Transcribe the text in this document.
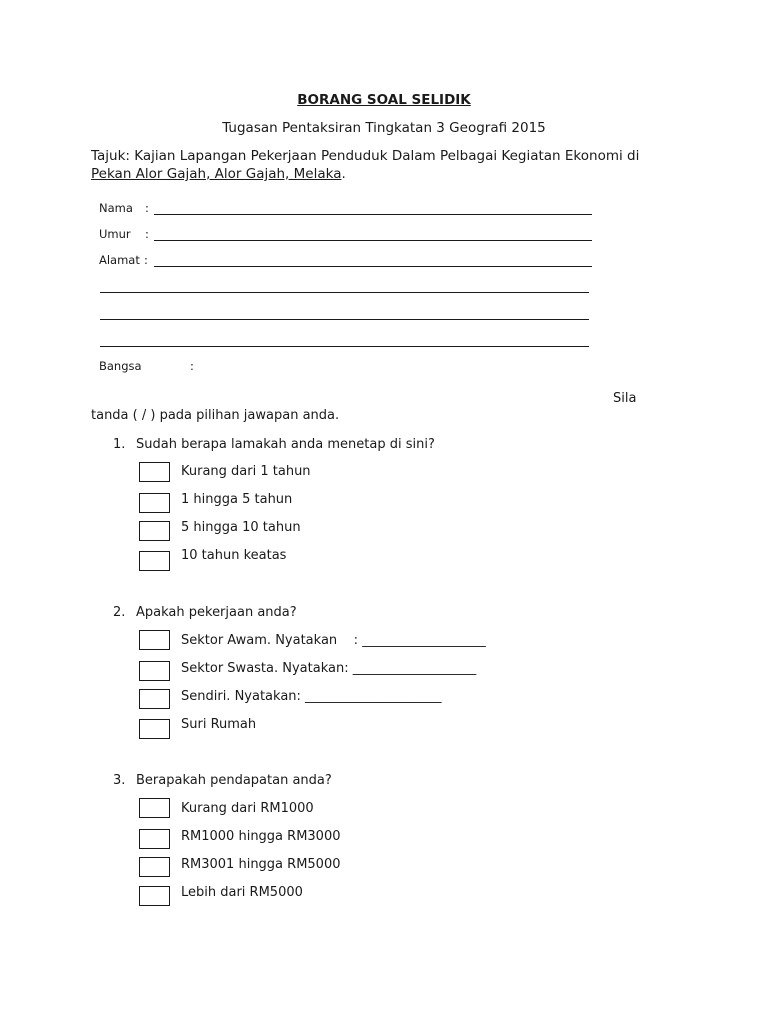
BORANG SOAL SELIDIK
Tugasan Pentaksiran Tingkatan 3 Geografi 2015
Tajuk: Kajian Lapangan Pekerjaan Penduduk Dalam Pelbagai Kegiatan Ekonomi di
Pekan Alor Gajah, Alor Gajah, Melaka.
Nama :
Umur :
Alamat :
Bangsa	:
Sila
tanda ( / ) pada pilihan jawapan anda.
1. Sudah berapa lamakah anda menetap di sini?
Kurang dari 1 tahun
1 hingga 5 tahun
5 hingga 10 tahun
10 tahun keatas
2. Apakah pekerjaan anda?
Sektor Awam. Nyatakan    : ___________________
Sektor Swasta. Nyatakan: ___________________
Sendiri. Nyatakan: _____________________
Suri Rumah
3. Berapakah pendapatan anda?
Kurang dari RM1000
RM1000 hingga RM3000
RM3001 hingga RM5000
Lebih dari RM5000
